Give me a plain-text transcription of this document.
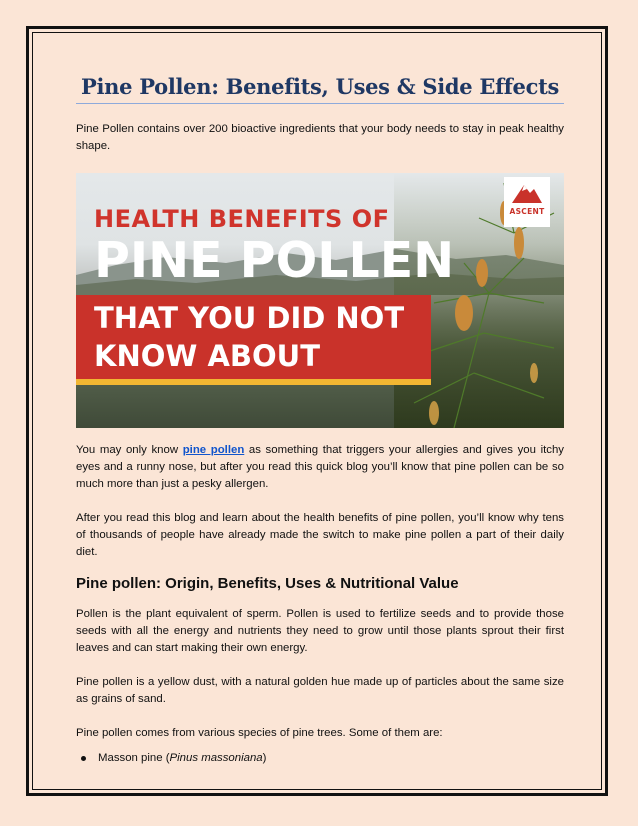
Pine Pollen: Benefits, Uses & Side Effects

Pine Pollen contains over 200 bioactive ingredients that your body needs to stay in peak healthy shape.

ASCENT
HEALTH BENEFITS OF
PINE POLLEN
THAT YOU DID NOT
KNOW ABOUT

You may only know pine pollen as something that triggers your allergies and gives you itchy eyes and a runny nose, but after you read this quick blog you’ll know that pine pollen can be so much more than just a pesky allergen.

After you read this blog and learn about the health benefits of pine pollen, you’ll know why tens of thousands of people have already made the switch to make pine pollen a part of their daily diet.

Pine pollen: Origin, Benefits, Uses & Nutritional Value

Pollen is the plant equivalent of sperm. Pollen is used to fertilize seeds and to provide those seeds with all the energy and nutrients they need to grow until those plants sprout their first leaves and can start making their own energy.

Pine pollen is a yellow dust, with a natural golden hue made up of particles about the same size as grains of sand.

Pine pollen comes from various species of pine trees. Some of them are:

Masson pine (Pinus massoniana)
